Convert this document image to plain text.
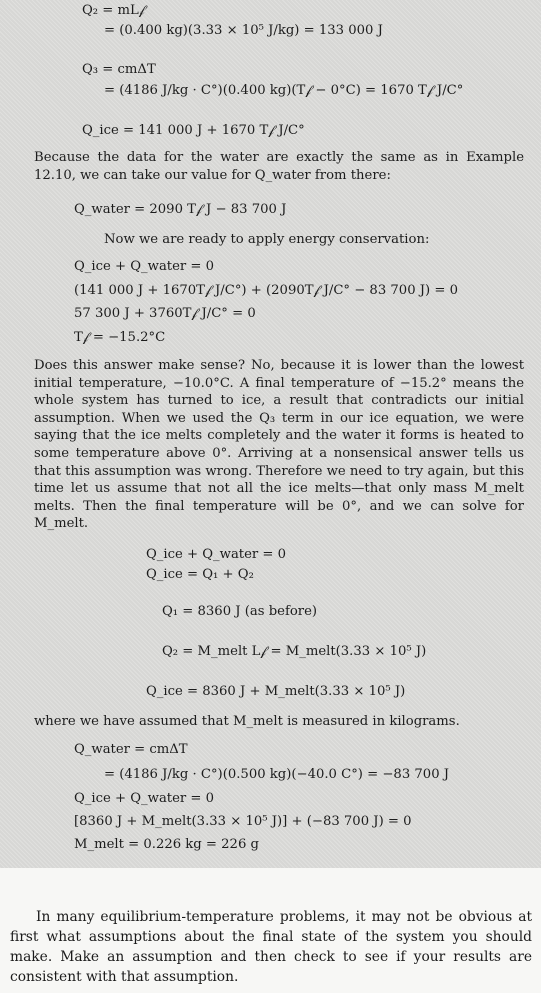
Q₂ = mL𝒻
= (0.400 kg)(3.33 × 10⁵ J/kg) = 133 000 J
Q₃ = cmΔT
= (4186 J/kg · C°)(0.400 kg)(T𝒻 − 0°C) = 1670 T𝒻 J/C°
Q_ice = 141 000 J + 1670 T𝒻 J/C°
Because the data for the water are exactly the same as in Example 12.10, we can take our value for Q_water from there:
Q_water = 2090 T𝒻 J − 83 700 J
Now we are ready to apply energy conservation:
Q_ice + Q_water = 0
(141 000 J + 1670T𝒻 J/C°) + (2090T𝒻 J/C° − 83 700 J) = 0
57 300 J + 3760T𝒻 J/C° = 0
T𝒻 = −15.2°C
Does this answer make sense? No, because it is lower than the lowest initial temperature, −10.0°C. A final temperature of −15.2° means the whole system has turned to ice, a result that contradicts our initial assumption. When we used the Q₃ term in our ice equation, we were saying that the ice melts completely and the water it forms is heated to some temperature above 0°. Arriving at a nonsensical answer tells us that this assumption was wrong. Therefore we need to try again, but this time let us assume that not all the ice melts—that only mass M_melt melts. Then the final temperature will be 0°, and we can solve for M_melt.
Q_ice + Q_water = 0
Q_ice = Q₁ + Q₂
Q₁ = 8360 J (as before)
Q₂ = M_melt L𝒻 = M_melt(3.33 × 10⁵ J)
Q_ice = 8360 J + M_melt(3.33 × 10⁵ J)
where we have assumed that M_melt is measured in kilograms.
Q_water = cmΔT
= (4186 J/kg · C°)(0.500 kg)(−40.0 C°) = −83 700 J
Q_ice + Q_water = 0
[8360 J + M_melt(3.33 × 10⁵ J)] + (−83 700 J) = 0
M_melt = 0.226 kg = 226 g
In many equilibrium-temperature problems, it may not be obvious at first what assumptions about the final state of the system you should make. Make an assumption and then check to see if your results are consistent with that assumption.
